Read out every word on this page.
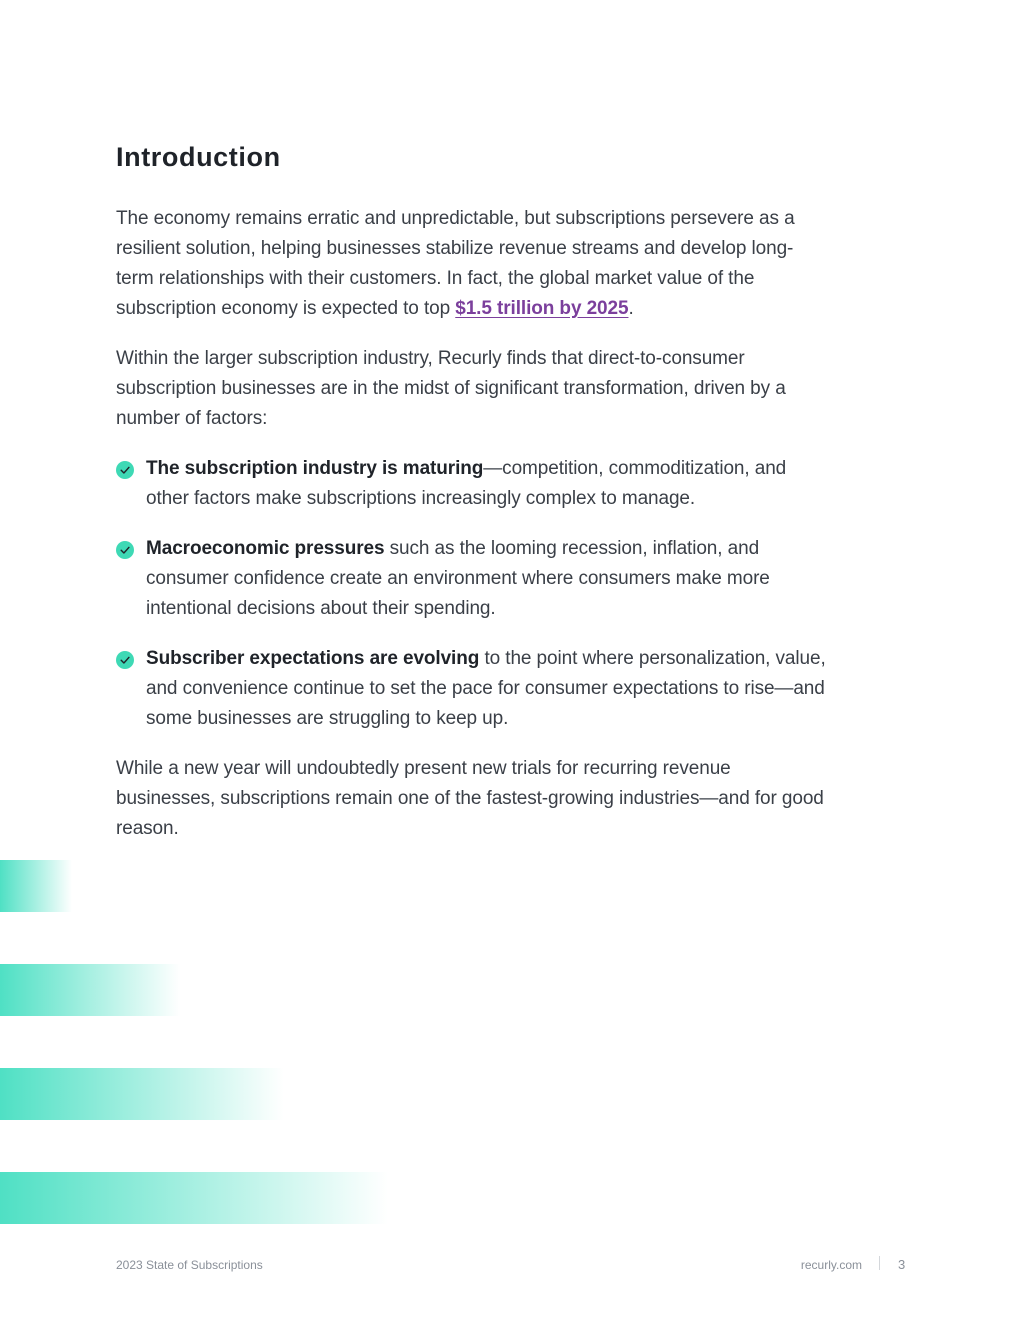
Introduction

The economy remains erratic and unpredictable, but subscriptions persevere as a resilient solution, helping businesses stabilize revenue streams and develop long-term relationships with their customers. In fact, the global market value of the subscription economy is expected to top $1.5 trillion by 2025.

Within the larger subscription industry, Recurly finds that direct-to-consumer subscription businesses are in the midst of significant transformation, driven by a number of factors:

The subscription industry is maturing—competition, commoditization, and other factors make subscriptions increasingly complex to manage.
Macroeconomic pressures such as the looming recession, inflation, and consumer confidence create an environment where consumers make more intentional decisions about their spending.
Subscriber expectations are evolving to the point where personalization, value, and convenience continue to set the pace for consumer expectations to rise—and some businesses are struggling to keep up.

While a new year will undoubtedly present new trials for recurring revenue businesses, subscriptions remain one of the fastest-growing industries—and for good reason.

2023 State of Subscriptions	recurly.com	3
